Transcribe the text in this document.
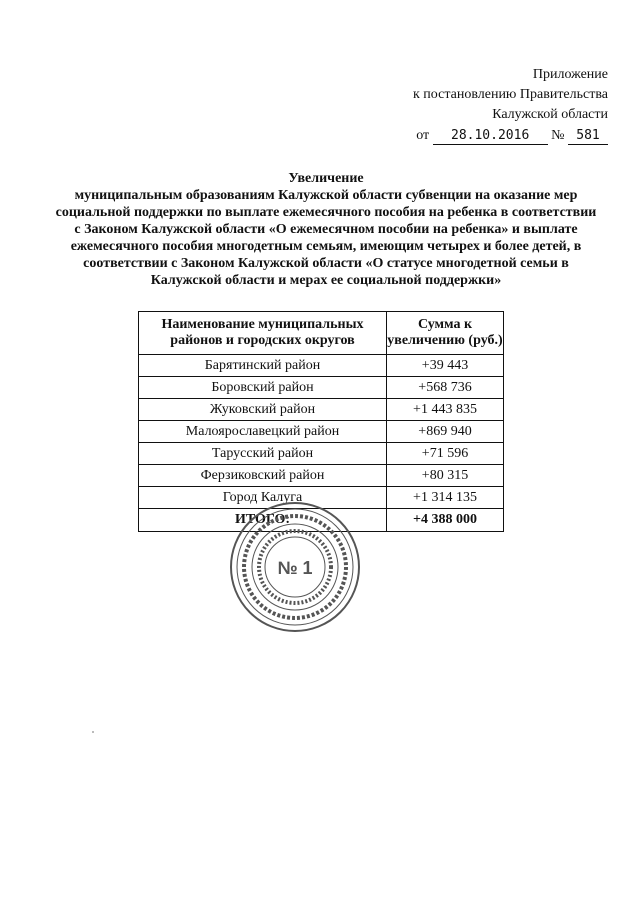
Приложение
к постановлению Правительства
Калужской области
от 28.10.2016 № 581
Увеличение
муниципальным образованиям Калужской области субвенции на оказание мер
социальной поддержки по выплате ежемесячного пособия на ребенка в соответствии
с Законом Калужской области «О ежемесячном пособии на ребенка» и выплате
ежемесячного пособия многодетным семьям, имеющим четырех и более детей, в
соответствии с Законом Калужской области «О статусе многодетной семьи в
Калужской области и мерах ее социальной поддержки»
Наименование муниципальных районов и городских округов	Сумма к увеличению (руб.)
Барятинский район	+39 443
Боровский район	+568 736
Жуковский район	+1 443 835
Малоярославецкий район	+869 940
Тарусский район	+71 596
Ферзиковский район	+80 315
Город Калуга	+1 314 135
ИТОГО:	+4 388 000
№ 1
